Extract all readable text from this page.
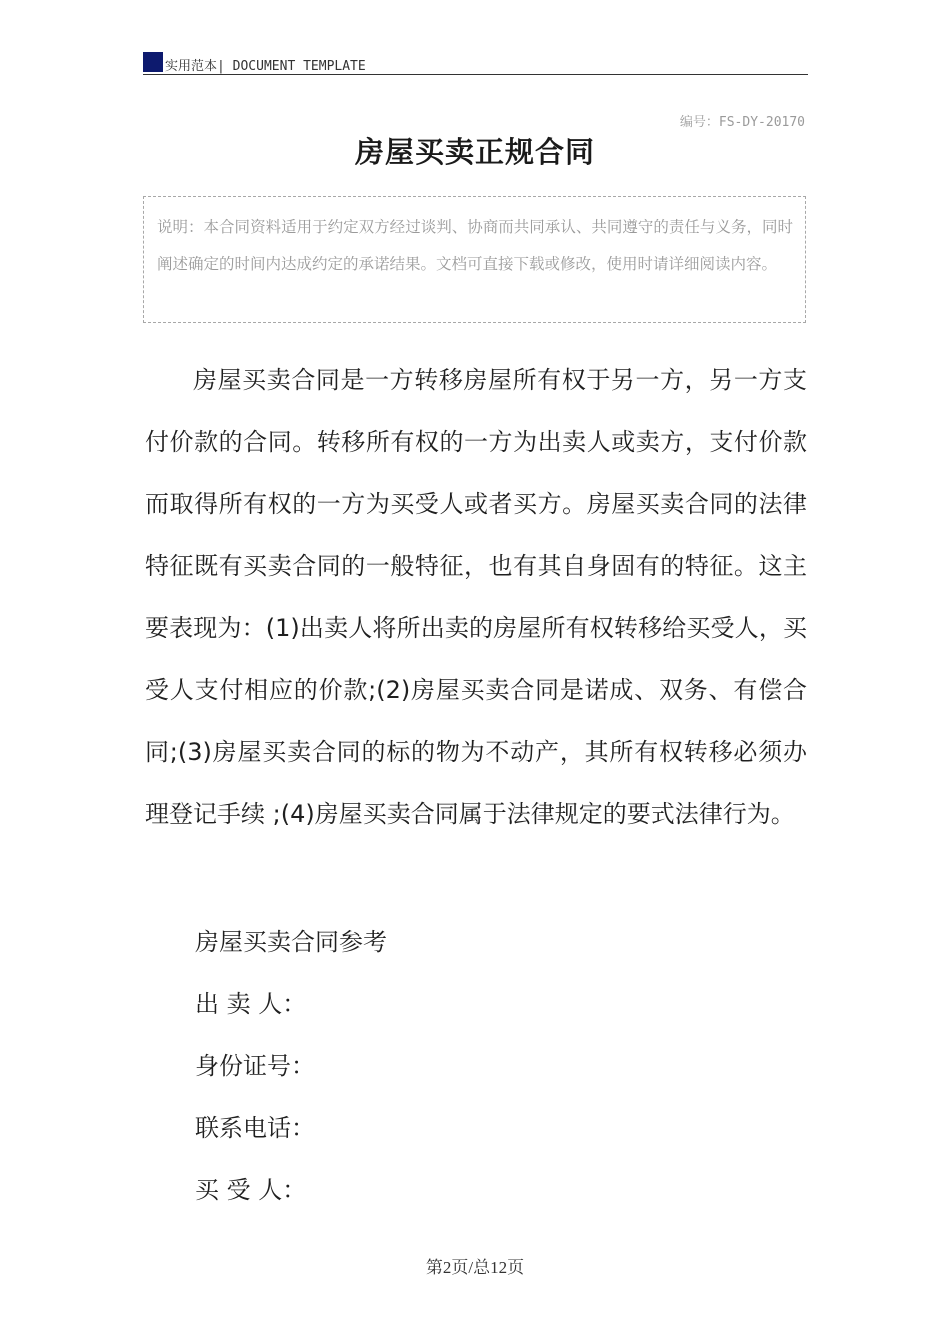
实用范本| DOCUMENT TEMPLATE
编号：FS-DY-20170
房屋买卖正规合同
说明：本合同资料适用于约定双方经过谈判、协商而共同承认、共同遵守的责任与义务，同时阐述确定的时间内达成约定的承诺结果。文档可直接下载或修改，使用时请详细阅读内容。

房屋买卖合同是一方转移房屋所有权于另一方，另一方支付价款的合同。转移所有权的一方为出卖人或卖方，支付价款而取得所有权的一方为买受人或者买方。房屋买卖合同的法律特征既有买卖合同的一般特征，也有其自身固有的特征。这主要表现为：(1)出卖人将所出卖的房屋所有权转移给买受人，买受人支付相应的价款;(2)房屋买卖合同是诺成、双务、有偿合同;(3)房屋买卖合同的标的物为不动产，其所有权转移必须办理登记手续 ;(4)房屋买卖合同属于法律规定的要式法律行为。

房屋买卖合同参考
出 卖 人：
身份证号：
联系电话：
买 受 人：
第2页/总12页
